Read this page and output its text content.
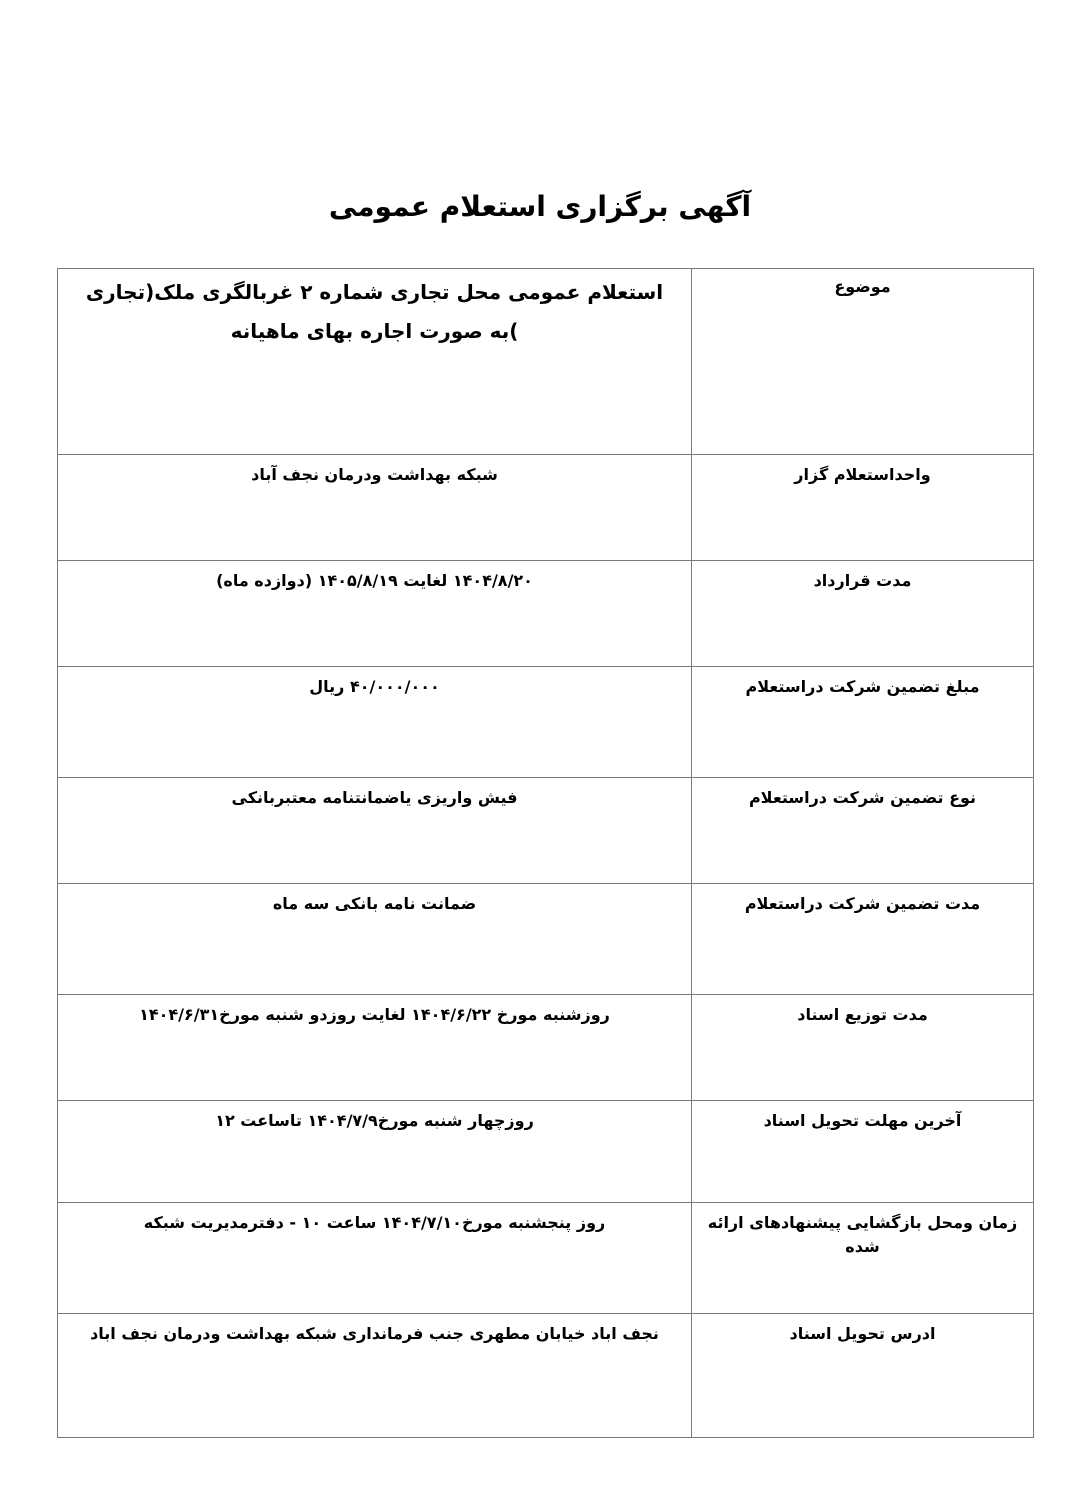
آگهی برگزاری استعلام عمومی
موضوع	استعلام عمومی محل تجاری شماره ۲ غربالگری ملک(تجاری )به صورت اجاره بهای ماهیانه
واحداستعلام گزار	شبکه بهداشت ودرمان نجف آباد
مدت قرارداد	۱۴۰۴/۸/۲۰ لغایت ۱۴۰۵/۸/۱۹ (دوازده ماه)
مبلغ تضمین شرکت دراستعلام	۴۰/۰۰۰/۰۰۰ ریال
نوع تضمین شرکت دراستعلام	فیش واریزی یاضمانتنامه معتبربانکی
مدت تضمین شرکت دراستعلام	ضمانت نامه بانکی سه ماه
مدت توزیع اسناد	روزشنبه مورخ ۱۴۰۴/۶/۲۲ لغایت روزدو شنبه مورخ۱۴۰۴/۶/۳۱
آخرین مهلت تحویل اسناد	روزچهار شنبه مورخ۱۴۰۴/۷/۹ تاساعت ۱۲
زمان ومحل بازگشایی پیشنهادهای ارائه شده	روز پنجشنبه مورخ۱۴۰۴/۷/۱۰ ساعت ۱۰ - دفترمدیریت شبکه
ادرس تحویل اسناد	نجف اباد خیابان مطهری جنب فرمانداری شبکه بهداشت ودرمان نجف اباد
